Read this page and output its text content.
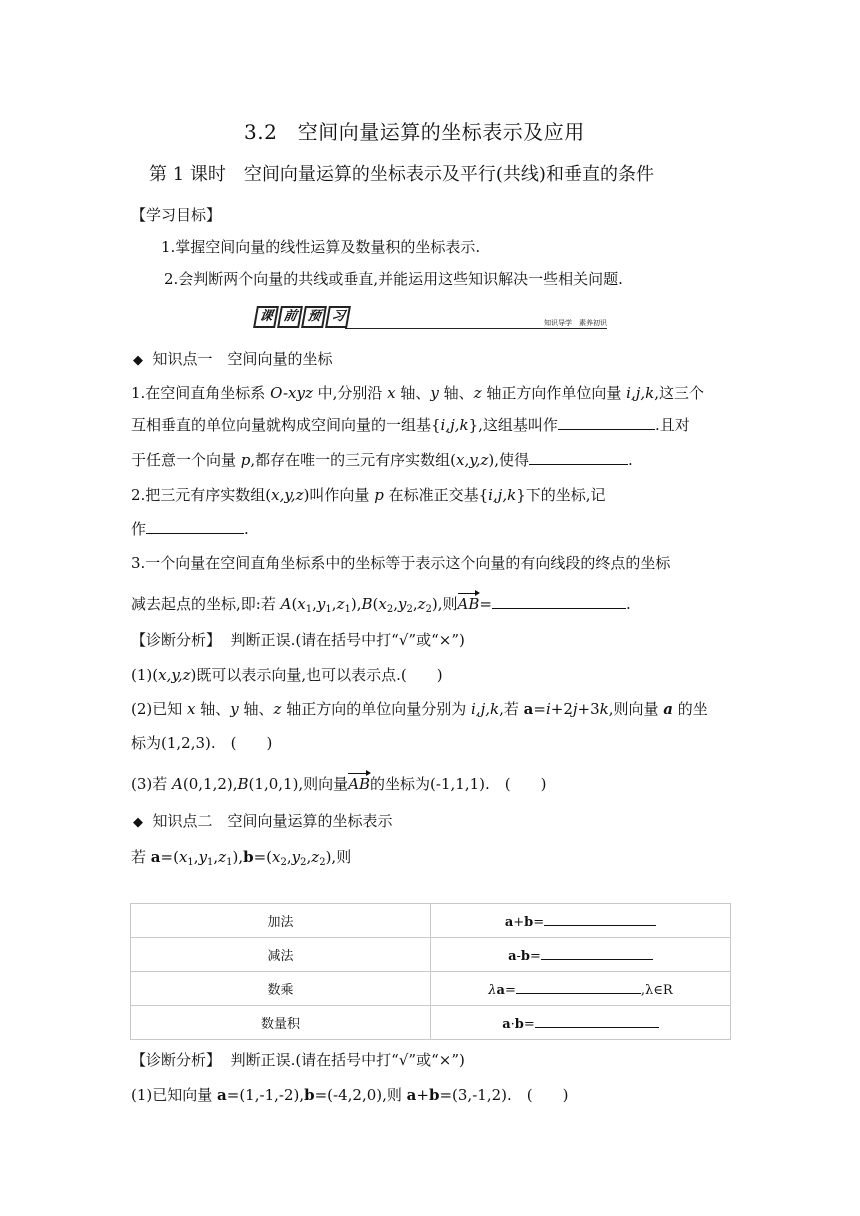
3.2　空间向量运算的坐标表示及应用
第 1 课时　空间向量运算的坐标表示及平行(共线)和垂直的条件
【学习目标】
1.掌握空间向量的线性运算及数量积的坐标表示.
2.会判断两个向量的共线或垂直,并能运用这些知识解决一些相关问题.
课 前 预 习	知识导学　素养初识
◆ 知识点一　空间向量的坐标
1.在空间直角坐标系 O-xyz 中,分别沿 x 轴、y 轴、z 轴正方向作单位向量 i,j,k,这三个
互相垂直的单位向量就构成空间向量的一组基{i,j,k},这组基叫作	.且对
于任意一个向量 p,都存在唯一的三元有序实数组(x,y,z),使得	.
2.把三元有序实数组(x,y,z)叫作向量 p 在标准正交基{i,j,k}下的坐标,记
作	.
3.一个向量在空间直角坐标系中的坐标等于表示这个向量的有向线段的终点的坐标
减去起点的坐标,即:若 $A(x_1,y_1,z_1),B(x_2,y_2,z_2)$,则AB=	.
【诊断分析】 判断正误.(请在括号中打“√”或“×”)
(1)(x,y,z)既可以表示向量,也可以表示点.(　　)
(2)已知 x 轴、y 轴、z 轴正方向的单位向量分别为 i,j,k,若 a=i+2j+3k,则向量 a 的坐
标为(1,2,3).　(　　)
(3)若 A(0,1,2),B(1,0,1),则向量AB的坐标为(-1,1,1).　(　　)
◆ 知识点二　空间向量运算的坐标表示
若 $a=(x_1,y_1,z_1),b=(x_2,y_2,z_2)$,则
加法	a+b=
减法	a-b=
数乘	λa= ,λ∈R
数量积	a·b=
【诊断分析】 判断正误.(请在括号中打“√”或“×”)
(1)已知向量 a=(1,-1,-2),b=(-4,2,0),则 a+b=(3,-1,2).　(　　)
